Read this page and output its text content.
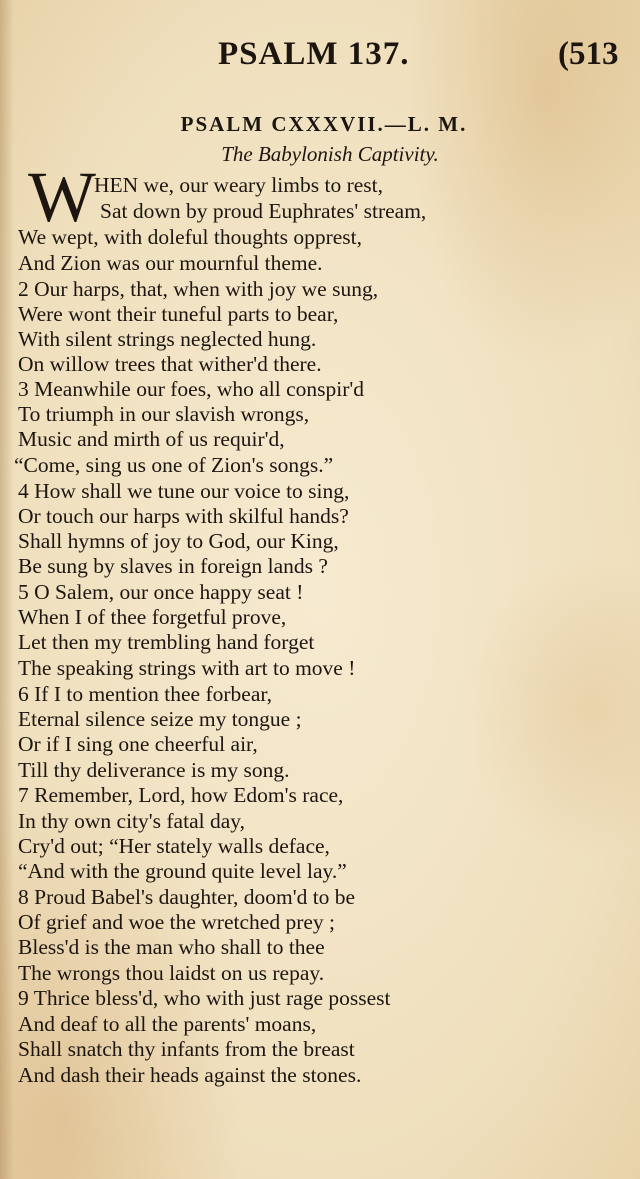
PSALM 137.	(513
PSALM CXXXVII.—L. M.
The Babylonish Captivity.
W
HEN we, our weary limbs to rest,
Sat down by proud Euphrates' stream,
We wept, with doleful thoughts opprest,
And Zion was our mournful theme.
2 Our harps, that, when with joy we sung,
Were wont their tuneful parts to bear,
With silent strings neglected hung.
On willow trees that wither'd there.
3 Meanwhile our foes, who all conspir'd
To triumph in our slavish wrongs,
Music and mirth of us requir'd,
“Come, sing us one of Zion's songs.”
4 How shall we tune our voice to sing,
Or touch our harps with skilful hands?
Shall hymns of joy to God, our King,
Be sung by slaves in foreign lands ?
5 O Salem, our once happy seat !
When I of thee forgetful prove,
Let then my trembling hand forget
The speaking strings with art to move !
6 If I to mention thee forbear,
Eternal silence seize my tongue ;
Or if I sing one cheerful air,
Till thy deliverance is my song.
7 Remember, Lord, how Edom's race,
In thy own city's fatal day,
Cry'd out; “Her stately walls deface,
“And with the ground quite level lay.”
8 Proud Babel's daughter, doom'd to be
Of grief and woe the wretched prey ;
Bless'd is the man who shall to thee
The wrongs thou laidst on us repay.
9 Thrice bless'd, who with just rage possest
And deaf to all the parents' moans,
Shall snatch thy infants from the breast
And dash their heads against the stones.
